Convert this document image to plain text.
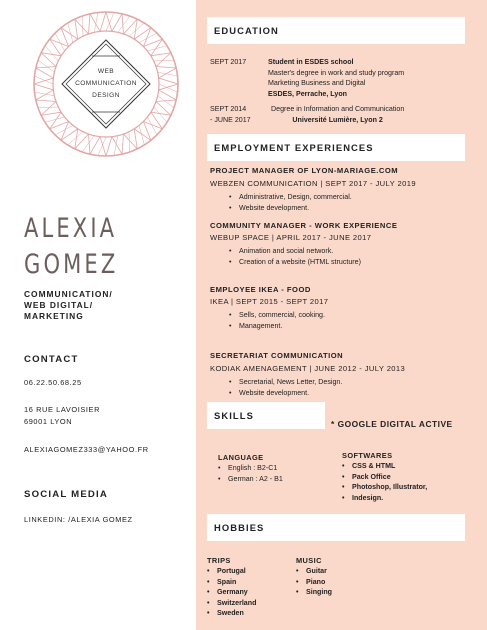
WEB
COMMUNICATION
DESIGN
ALEXIA
GOMEZ
COMMUNICATION/
WEB DIGITAL/
MARKETING
CONTACT
06.22.50.68.25
16 RUE LAVOISIER
69001 LYON
ALEXIAGOMEZ333@YAHOO.FR
SOCIAL MEDIA
LINKEDIN: /ALEXIA GOMEZ
EDUCATION
SEPT 2017	Student in ESDES school
Master's degree in work and study program
Marketing Business and Digital
ESDES, Perrache, Lyon
SEPT 2014
- JUNE 2017
Degree in Information and Communication
Université Lumière, Lyon 2
EMPLOYMENT EXPERIENCES
PROJECT MANAGER OF LYON-MARIAGE.COM
WEBZEN COMMUNICATION | SEPT 2017 - JULY 2019
• Administrative, Design, commercial.
• Website development.
COMMUNITY MANAGER - WORK EXPERIENCE
WEBUP SPACE | APRIL 2017 - JUNE 2017
• Animation and social network.
• Creation of a website (HTML structure)
EMPLOYEE IKEA - FOOD
IKEA | SEPT 2015 - SEPT 2017
• Sells, commercial, cooking.
• Management.
SECRETARIAT COMMUNICATION
KODIAK AMENAGEMENT | JUNE 2012 - JULY 2013
• Secretarial, News Letter, Design.
• Website development.
SKILLS
* GOOGLE DIGITAL ACTIVE
LANGUAGE
• English : B2-C1
• German : A2 - B1
SOFTWARES
• CSS & HTML
• Pack Office
• Photoshop, Illustrator,
• Indesign.
HOBBIES
TRIPS
• Portugal
• Spain
• Germany
• Switzerland
• Sweden
MUSIC
• Guitar
• Piano
• Singing
